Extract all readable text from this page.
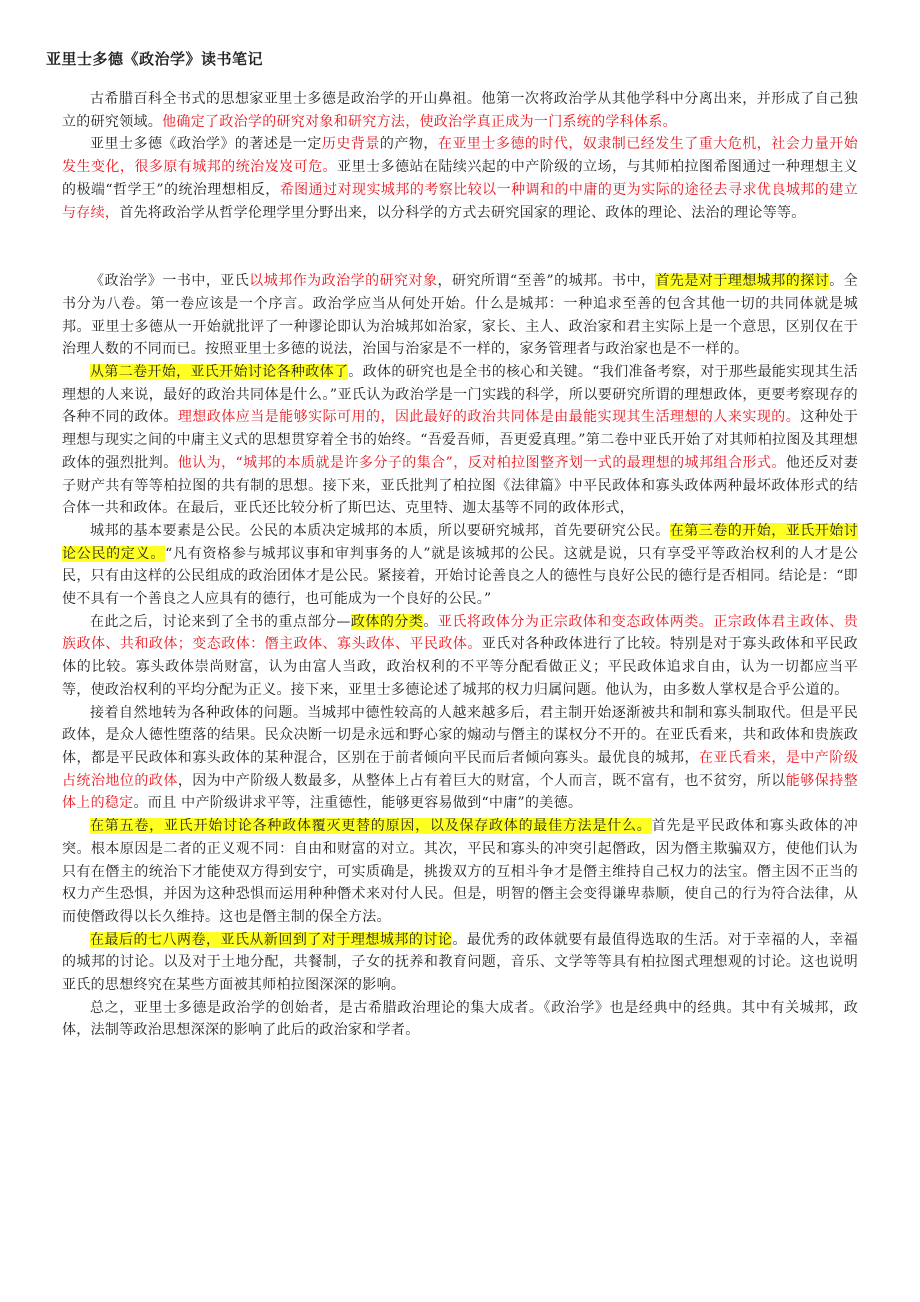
亚里士多德《政治学》读书笔记

古希腊百科全书式的思想家亚里士多德是政治学的开山鼻祖。他第一次将政治学从其他学科中分离出来，并形成了自己独立的研究领域。他确定了政治学的研究对象和研究方法，使政治学真正成为一门系统的学科体系。

亚里士多德《政治学》的著述是一定历史背景的产物，在亚里士多德的时代，奴隶制已经发生了重大危机，社会力量开始发生变化，很多原有城邦的统治岌岌可危。亚里士多德站在陆续兴起的中产阶级的立场，与其师柏拉图希图通过一种理想主义的极端“哲学王”的统治理想相反，希图通过对现实城邦的考察比较以一种调和的中庸的更为实际的途径去寻求优良城邦的建立与存续，首先将政治学从哲学伦理学里分野出来，以分科学的方式去研究国家的理论、政体的理论、法治的理论等等。

《政治学》一书中，亚氏以城邦作为政治学的研究对象，研究所谓“至善”的城邦。书中，首先是对于理想城邦的探讨。全书分为八卷。第一卷应该是一个序言。政治学应当从何处开始。什么是城邦：一种追求至善的包含其他一切的共同体就是城邦。亚里士多德从一开始就批评了一种谬论即认为治城邦如治家，家长、主人、政治家和君主实际上是一个意思，区别仅在于治理人数的不同而已。按照亚里士多德的说法，治国与治家是不一样的，家务管理者与政治家也是不一样的。

从第二卷开始，亚氏开始讨论各种政体了。政体的研究也是全书的核心和关键。“我们准备考察，对于那些最能实现其生活理想的人来说，最好的政治共同体是什么。”亚氏认为政治学是一门实践的科学，所以要研究所谓的理想政体，更要考察现存的各种不同的政体。理想政体应当是能够实际可用的，因此最好的政治共同体是由最能实现其生活理想的人来实现的。这种处于理想与现实之间的中庸主义式的思想贯穿着全书的始终。“吾爱吾师，吾更爱真理。”第二卷中亚氏开始了对其师柏拉图及其理想政体的强烈批判。他认为，“城邦的本质就是许多分子的集合”，反对柏拉图整齐划一式的最理想的城邦组合形式。他还反对妻子财产共有等等柏拉图的共有制的思想。接下来，亚氏批判了柏拉图《法律篇》中平民政体和寡头政体两种最坏政体形式的结合体一共和政体。在最后，亚氏还比较分析了斯巴达、克里特、迦太基等不同的政体形式，

城邦的基本要素是公民。公民的本质决定城邦的本质，所以要研究城邦，首先要研究公民。在第三卷的开始，亚氏开始讨论公民的定义。“凡有资格参与城邦议事和审判事务的人”就是该城邦的公民。这就是说，只有享受平等政治权利的人才是公民，只有由这样的公民组成的政治团体才是公民。紧接着，开始讨论善良之人的德性与良好公民的德行是否相同。结论是：“即使不具有一个善良之人应具有的德行，也可能成为一个良好的公民。”

在此之后，讨论来到了全书的重点部分—政体的分类。亚氏将政体分为正宗政体和变态政体两类。正宗政体君主政体、贵族政体、共和政体；变态政体：僭主政体、寡头政体、平民政体。亚氏对各种政体进行了比较。特别是对于寡头政体和平民政体的比较。寡头政体崇尚财富，认为由富人当政，政治权利的不平等分配看做正义；平民政体追求自由，认为一切都应当平等，使政治权利的平均分配为正义。接下来，亚里士多德论述了城邦的权力归属问题。他认为，由多数人掌权是合乎公道的。

接着自然地转为各种政体的问题。当城邦中德性较高的人越来越多后，君主制开始逐渐被共和制和寡头制取代。但是平民政体，是众人德性堕落的结果。民众决断一切是永远和野心家的煽动与僭主的谋权分不开的。在亚氏看来，共和政体和贵族政体，都是平民政体和寡头政体的某种混合，区别在于前者倾向平民而后者倾向寡头。最优良的城邦，在亚氏看来，是中产阶级占统治地位的政体，因为中产阶级人数最多，从整体上占有着巨大的财富，个人而言，既不富有，也不贫穷，所以能够保持整体上的稳定。而且 中产阶级讲求平等，注重德性，能够更容易做到“中庸”的美德。

在第五卷，亚氏开始讨论各种政体覆灭更替的原因，以及保存政体的最佳方法是什么。首先是平民政体和寡头政体的冲突。根本原因是二者的正义观不同：自由和财富的对立。其次，平民和寡头的冲突引起僭政，因为僭主欺骗双方，使他们认为只有在僭主的统治下才能使双方得到安宁，可实质确是，挑拨双方的互相斗争才是僭主维持自己权力的法宝。僭主因不正当的权力产生恐惧，并因为这种恐惧而运用种种僭术来对付人民。但是，明智的僭主会变得谦卑恭顺，使自己的行为符合法律，从而使僭政得以长久维持。这也是僭主制的保全方法。

在最后的七八两卷，亚氏从新回到了对于理想城邦的讨论。最优秀的政体就要有最值得选取的生活。对于幸福的人，幸福的城邦的讨论。以及对于土地分配，共餐制，子女的抚养和教育问题，音乐、文学等等具有柏拉图式理想观的讨论。这也说明亚氏的思想终究在某些方面被其师柏拉图深深的影响。

总之，亚里士多德是政治学的创始者，是古希腊政治理论的集大成者。《政治学》也是经典中的经典。其中有关城邦，政体，法制等政治思想深深的影响了此后的政治家和学者。
